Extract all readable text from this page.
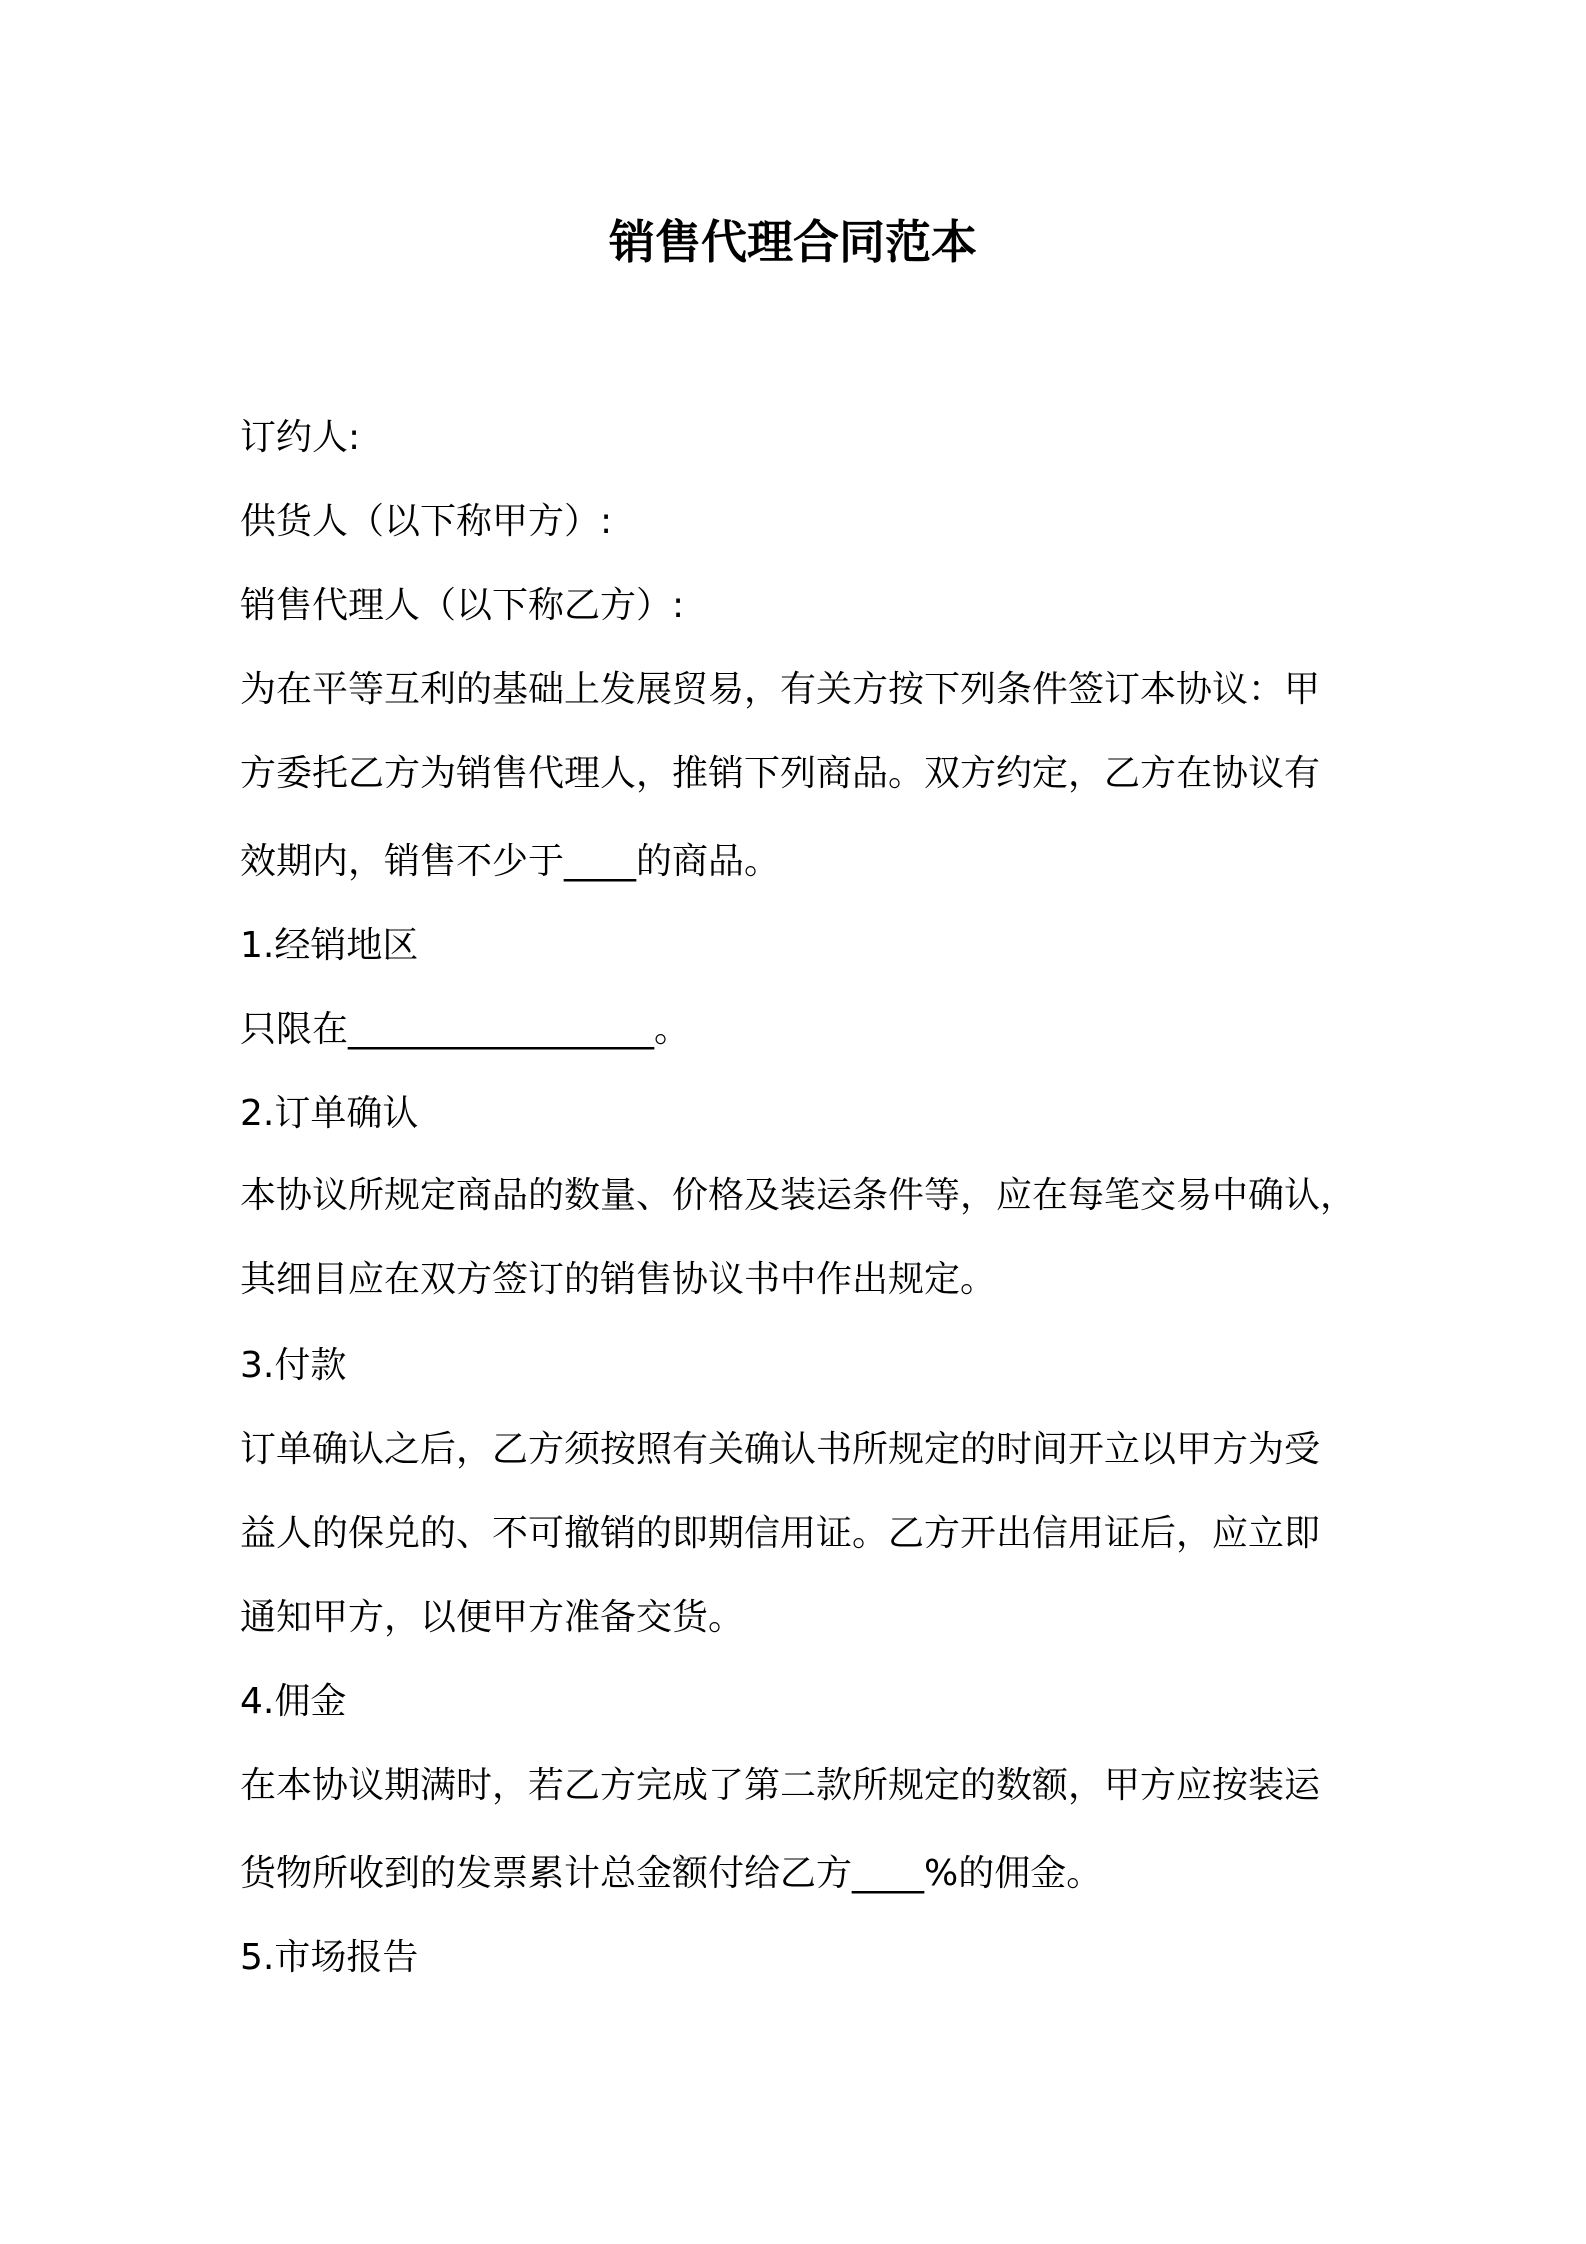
销售代理合同范本
订约人:
供货人（以下称甲方）:
销售代理人（以下称乙方）:
为在平等互利的基础上发展贸易，有关方按下列条件签订本协议：甲
方委托乙方为销售代理人，推销下列商品。双方约定，乙方在协议有
效期内，销售不少于____的商品。
1.经销地区
只限在_________________。
2.订单确认
本协议所规定商品的数量、价格及装运条件等，应在每笔交易中确认，
其细目应在双方签订的销售协议书中作出规定。
3.付款
订单确认之后，乙方须按照有关确认书所规定的时间开立以甲方为受
益人的保兑的、不可撤销的即期信用证。乙方开出信用证后，应立即
通知甲方，以便甲方准备交货。
4.佣金
在本协议期满时，若乙方完成了第二款所规定的数额，甲方应按装运
货物所收到的发票累计总金额付给乙方____%的佣金。
5.市场报告
